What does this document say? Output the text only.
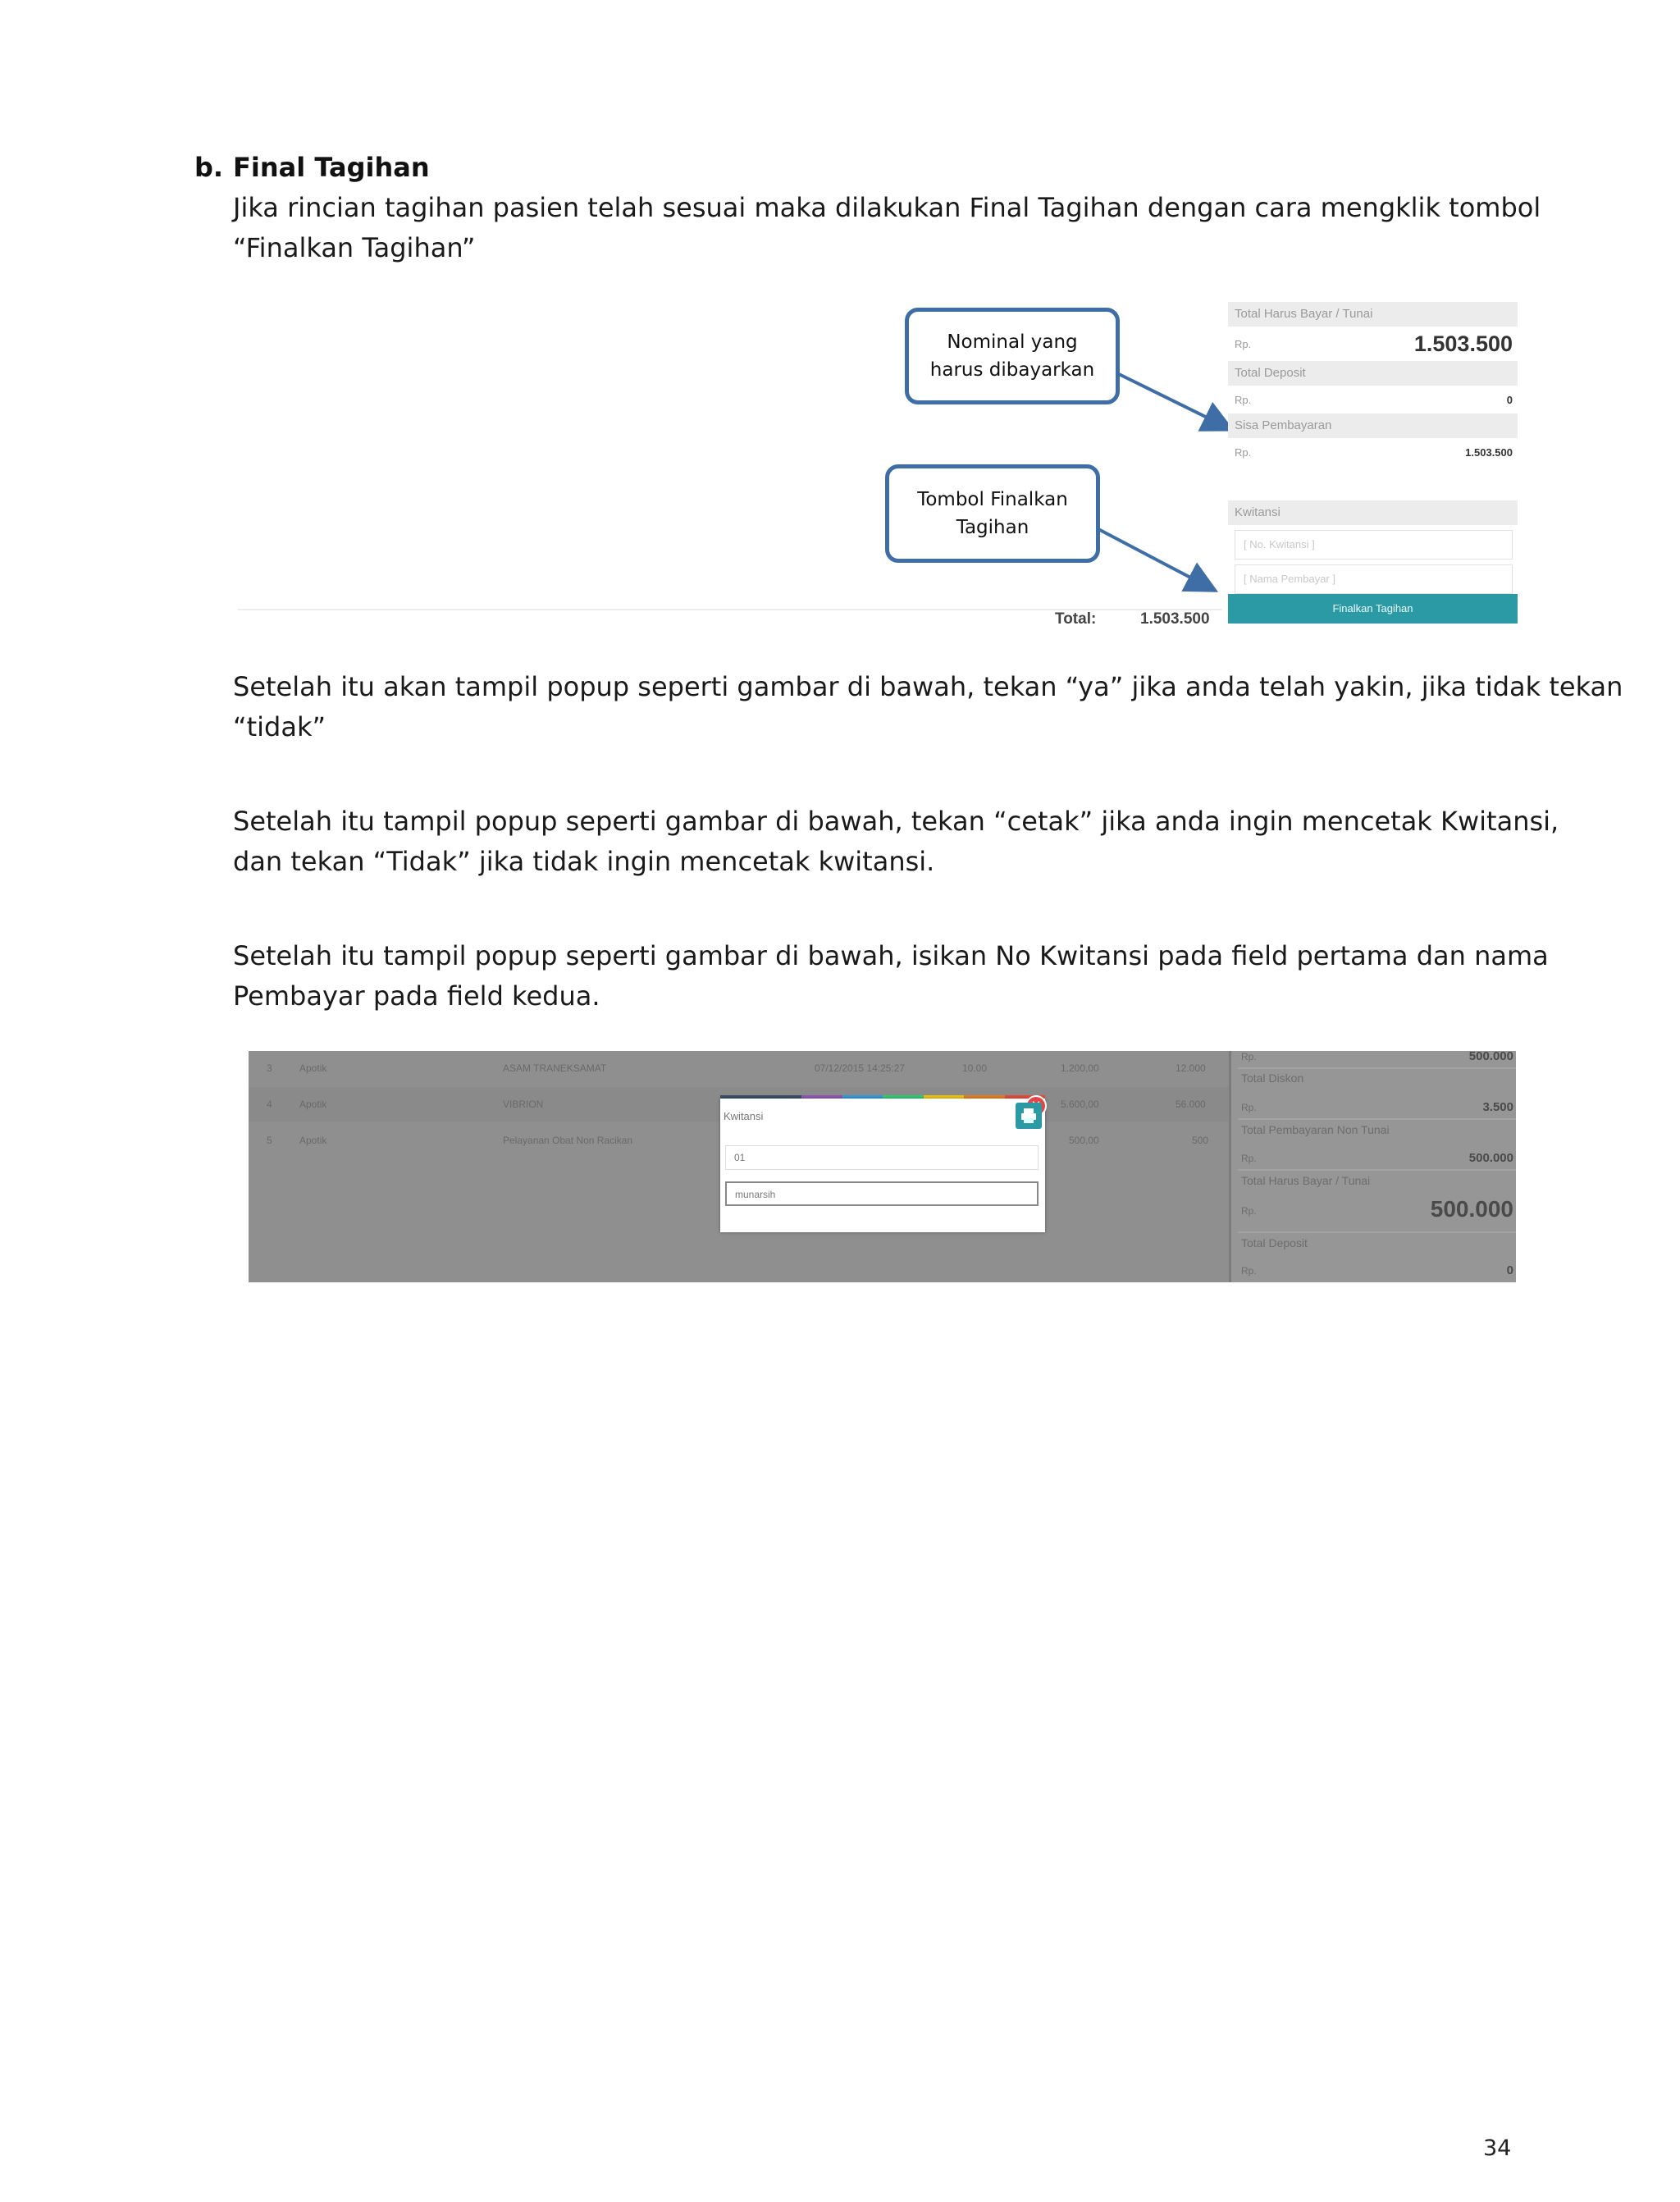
b. Final Tagihan
Jika rincian tagihan pasien telah sesuai maka dilakukan Final Tagihan dengan cara mengklik tombol
“Finalkan Tagihan”
Nominal yang
harus dibayarkan
Tombol Finalkan
Tagihan
Total:	1.503.500
Total Harus Bayar / Tunai
Rp.	1.503.500
Total Deposit
Rp.	0
Sisa Pembayaran
Rp.	1.503.500
Kwitansi
[ No. Kwitansi ]
[ Nama Pembayar ]
Finalkan Tagihan
Setelah itu akan tampil popup seperti gambar di bawah, tekan “ya” jika anda telah yakin, jika tidak tekan
“tidak”
Setelah itu tampil popup seperti gambar di bawah, tekan “cetak” jika anda ingin mencetak Kwitansi,
dan tekan “Tidak” jika tidak ingin mencetak kwitansi.
Setelah itu tampil popup seperti gambar di bawah, isikan No Kwitansi pada field pertama dan nama
Pembayar pada field kedua.
3	Apotik	ASAM TRANEKSAMAT	07/12/2015 14:25:27	10.00	1.200,00	12.000
4	Apotik	VIBRION	5.600,00	56.000
5	Apotik	Pelayanan Obat Non Racikan	500,00	500
Rp.	500.000
Total Diskon
Rp.	3.500
Total Pembayaran Non Tunai
Rp.	500.000
Total Harus Bayar / Tunai
Rp.	500.000
Total Deposit
Rp.	0
Kwitansi
01
munarsih
34
